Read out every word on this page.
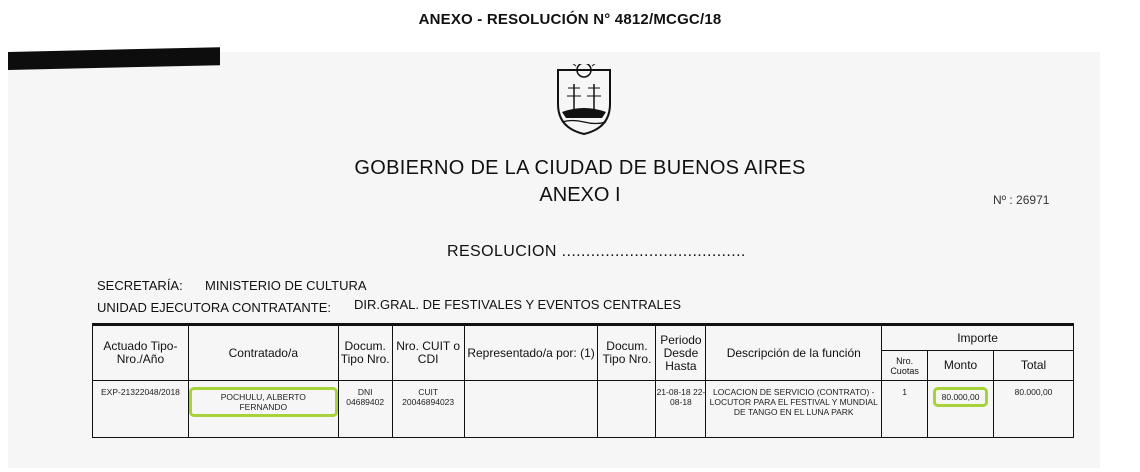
ANEXO - RESOLUCIÓN N° 4812/MCGC/18
GOBIERNO DE LA CIUDAD DE BUENOS AIRES
ANEXO I	Nº : 26971
RESOLUCION ......................................
SECRETARÍA: MINISTERIO DE CULTURA
UNIDAD EJECUTORA CONTRATANTE: DIR.GRAL. DE FESTIVALES Y EVENTOS CENTRALES
Actuado Tipo-Nro./Año	Contratado/a	Docum. Tipo Nro.	Nro. CUIT o CDI	Representado/a por: (1)	Docum. Tipo Nro.	Periodo Desde Hasta	Descripción de la función	Importe		
								Nro. Cuotas	Monto	Total
EXP-21322048/2018	POCHULU, ALBERTO FERNANDO	DNI 04689402	CUIT 20046894023			21-08-18 22-08-18	LOCACION DE SERVICIO (CONTRATO) - LOCUTOR PARA EL FESTIVAL Y MUNDIAL DE TANGO EN EL LUNA PARK	1	80.000,00	80.000,00
